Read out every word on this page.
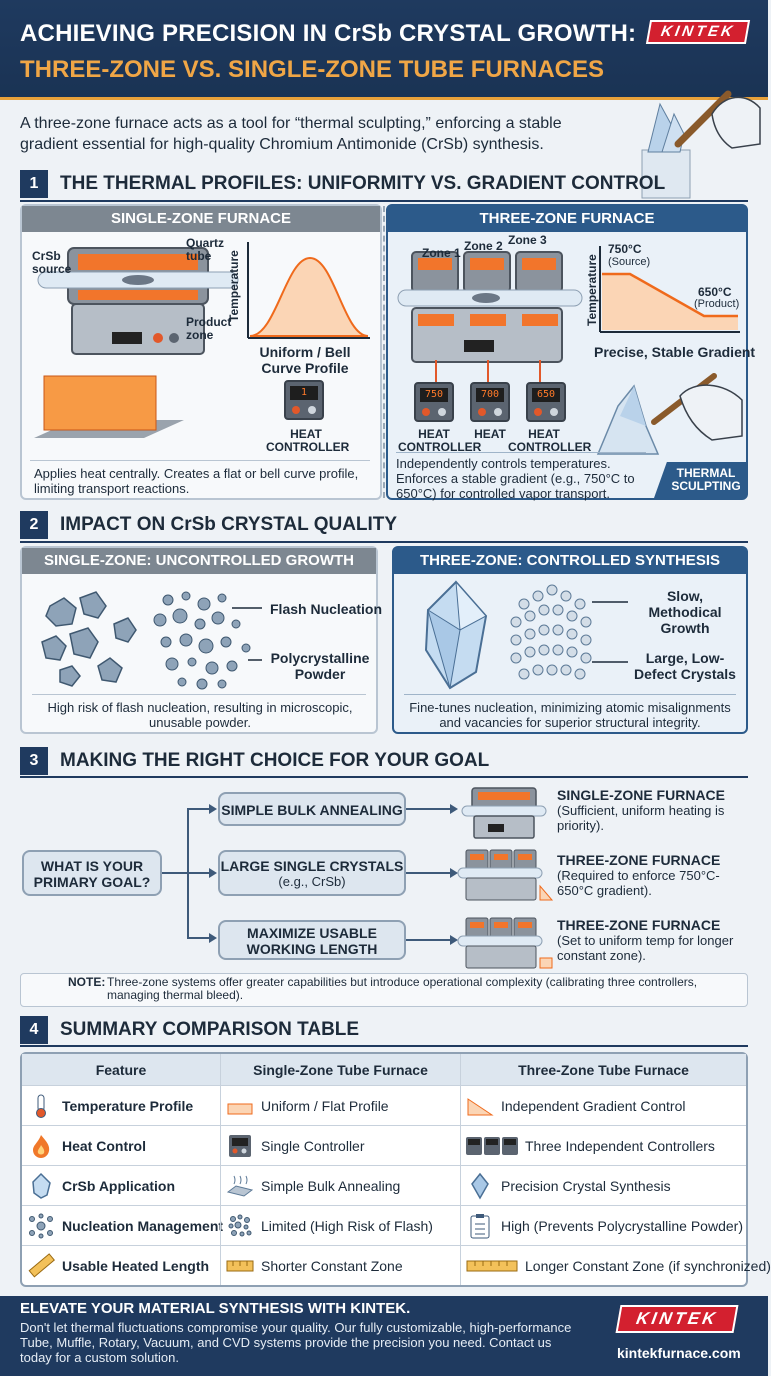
ACHIEVING PRECISION IN CrSb CRYSTAL GROWTH:
THREE-ZONE VS. SINGLE-ZONE TUBE FURNACES
KINTEK
A three-zone furnace acts as a tool for “thermal sculpting,” enforcing a stable gradient essential for high-quality Chromium Antimonide (CrSb) synthesis.
1	THE THERMAL PROFILES: UNIFORMITY VS. GRADIENT CONTROL
SINGLE-ZONE FURNACE
CrSb source
Quartz tube
Product zone
Temperature
Uniform / Bell Curve Profile
1
HEAT CONTROLLER
Applies heat centrally. Creates a flat or bell curve profile, limiting transport reactions.
THREE-ZONE FURNACE
Zone 1 Zone 2 Zone 3
750	700	650
HEAT CONTROLLER
HEAT	HEAT CONTROLLER
Temperature
750°C
(Source)
650°C
(Product)
Precise, Stable Gradient
THERMAL SCULPTING
Independently controls temperatures. Enforces a stable gradient (e.g., 750°C to 650°C) for controlled vapor transport.
2	IMPACT ON CrSb CRYSTAL QUALITY
SINGLE-ZONE: UNCONTROLLED GROWTH
Flash Nucleation
Polycrystalline Powder
High risk of flash nucleation, resulting in microscopic, unusable powder.
THREE-ZONE: CONTROLLED SYNTHESIS
Slow, Methodical Growth
Large, Low-Defect Crystals
Fine-tunes nucleation, minimizing atomic misalignments and vacancies for superior structural integrity.
3	MAKING THE RIGHT CHOICE FOR YOUR GOAL
WHAT IS YOUR PRIMARY GOAL?
SIMPLE BULK ANNEALING
LARGE SINGLE CRYSTALS
(e.g., CrSb)
MAXIMIZE USABLE WORKING LENGTH
SINGLE-ZONE FURNACE
(Sufficient, uniform heating is priority).
THREE-ZONE FURNACE
(Required to enforce 750°C-650°C gradient).
THREE-ZONE FURNACE
(Set to uniform temp for longer constant zone).
NOTE: Three-zone systems offer greater capabilities but introduce operational complexity (calibrating three controllers, managing thermal bleed).
4	SUMMARY COMPARISON TABLE
Feature	Single-Zone Tube Furnace	Three-Zone Tube Furnace
Temperature Profile	Uniform / Flat Profile	Independent Gradient Control
Heat Control	Single Controller	Three Independent Controllers
CrSb Application	Simple Bulk Annealing	Precision Crystal Synthesis
Nucleation Management	Limited (High Risk of Flash)	High (Prevents Polycrystalline Powder)
Usable Heated Length	Shorter Constant Zone	Longer Constant Zone (if synchronized)
ELEVATE YOUR MATERIAL SYNTHESIS WITH KINTEK.
Don't let thermal fluctuations compromise your quality. Our fully customizable, high-performance Tube, Muffle, Rotary, Vacuum, and CVD systems provide the precision you need. Contact us today for a custom solution.
KINTEK
kintekfurnace.com
